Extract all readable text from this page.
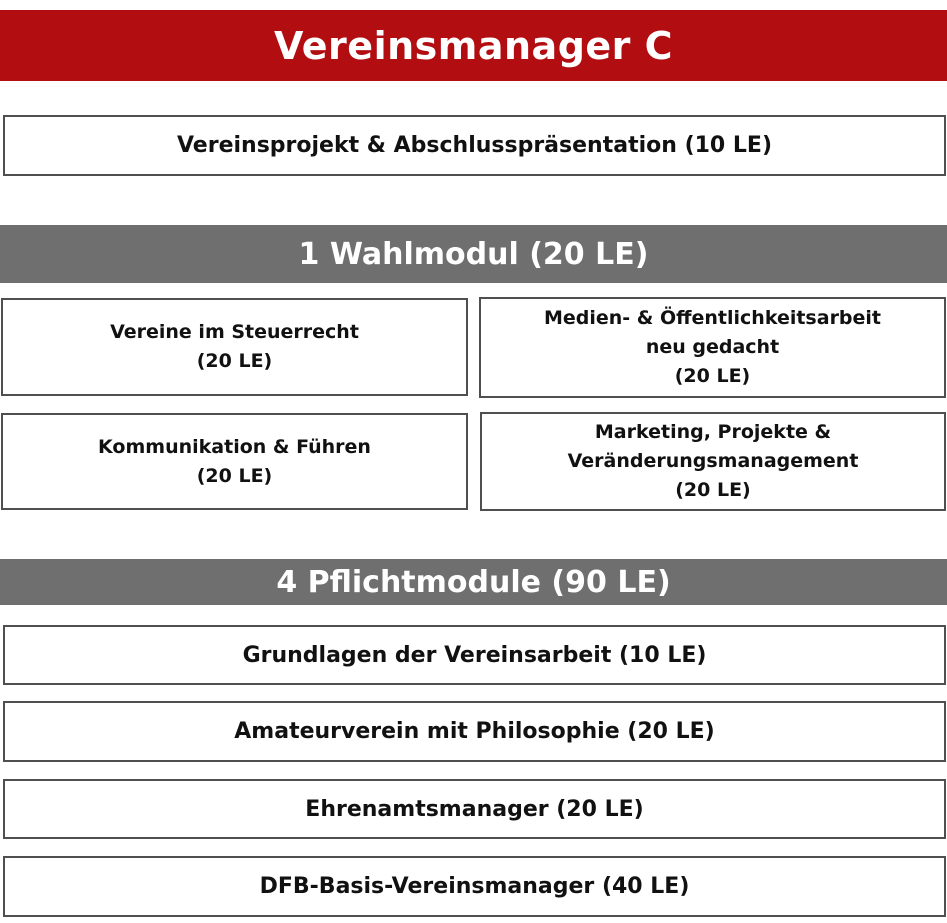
Vereinsmanager C
Vereinsprojekt & Abschlusspräsentation (10 LE)
1 Wahlmodul (20 LE)
Vereine im Steuerrecht
(20 LE)
Medien- & Öffentlichkeitsarbeit
neu gedacht
(20 LE)
Kommunikation & Führen
(20 LE)
Marketing, Projekte &
Veränderungsmanagement
(20 LE)
4 Pflichtmodule (90 LE)
Grundlagen der Vereinsarbeit (10 LE)
Amateurverein mit Philosophie (20 LE)
Ehrenamtsmanager (20 LE)
DFB-Basis-Vereinsmanager (40 LE)
